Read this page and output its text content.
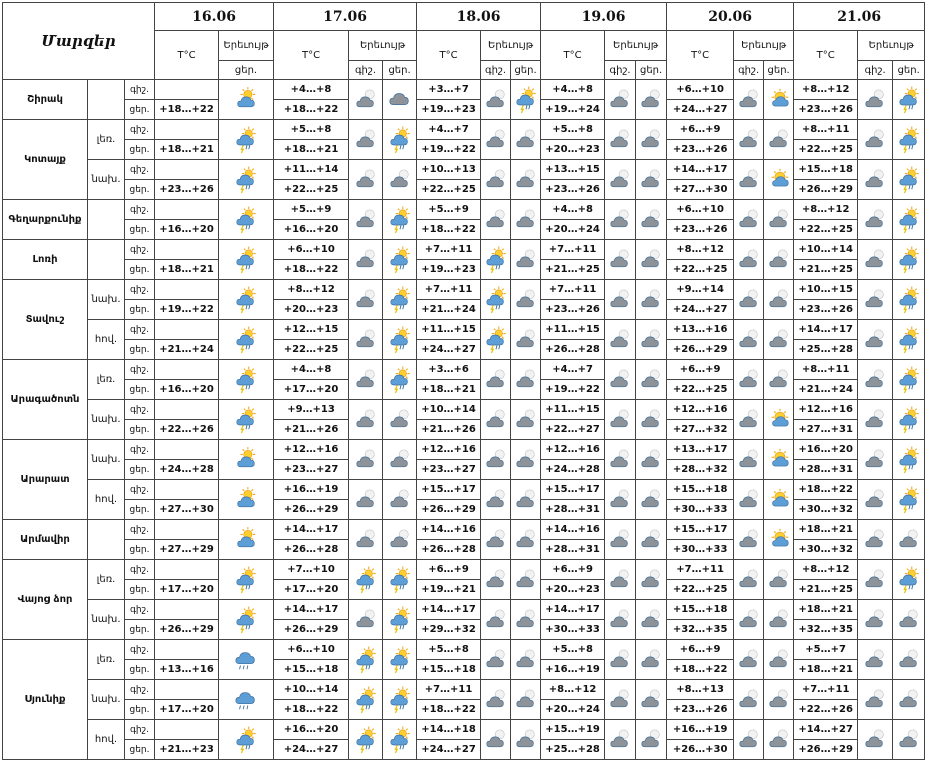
Մարզեր			16.06		17.06			18.06			19.06			20.06			21.06		
			T°C	Երեւույթ	T°C	Երեւույթ		T°C	Երեւույթ		T°C	Երեւույթ		T°C	Երեւույթ		T°C	Երեւույթ	
				ցեր.		գիշ.	ցեր.		գիշ.	ցեր.		գիշ.	ցեր.		գիշ.	ցեր.		գիշ.	ցեր.
Շիրակ		գիշ.			+4…+8			+3…+7			+4…+8			+6…+10			+8…+12		
		ցեր.	+18…+22		+18…+22			+19…+23			+19…+24			+24…+27			+23…+26		
Կոտայք	լեռ.	գիշ.			+5…+8			+4…+7			+5…+8			+6…+9			+8…+11		
		ցեր.	+18…+21		+18…+21			+19…+22			+20…+23			+23…+26			+22…+25		
	նախ.	գիշ.			+11…+14			+10…+13			+13…+15			+14…+17			+15…+18		
		ցեր.	+23…+26		+22…+25			+22…+25			+23…+26			+27…+30			+26…+29		
Գեղարքունիք		գիշ.			+5…+9			+5…+9			+4…+8			+6…+10			+8…+12		
		ցեր.	+16…+20		+16…+20			+18…+22			+20…+24			+23…+26			+22…+25		
Լոռի		գիշ.			+6…+10			+7…+11			+7…+11			+8…+12			+10…+14		
		ցեր.	+18…+21		+18…+22			+19…+23			+21…+25			+22…+25			+21…+25		
Տավուշ	նախ.	գիշ.			+8…+12			+7…+11			+7…+11			+9…+14			+10…+15		
		ցեր.	+19…+22		+20…+23			+21…+24			+23…+26			+24…+27			+23…+26		
	հով.	գիշ.			+12…+15			+11…+15			+11…+15			+13…+16			+14…+17		
		ցեր.	+21…+24		+22…+25			+24…+27			+26…+28			+26…+29			+25…+28		
Արագածոտն	լեռ.	գիշ.			+4…+8			+3…+6			+4…+7			+6…+9			+8…+11		
		ցեր.	+16…+20		+17…+20			+18…+21			+19…+22			+22…+25			+21…+24		
	նախ.	գիշ.			+9…+13			+10…+14			+11…+15			+12…+16			+12…+16		
		ցեր.	+22…+26		+21…+26			+21…+26			+22…+27			+27…+32			+27…+31		
Արարատ	նախ.	գիշ.			+12…+16			+12…+16			+12…+16			+13…+17			+16…+20		
		ցեր.	+24…+28		+23…+27			+23…+27			+24…+28			+28…+32			+28…+31		
	հով.	գիշ.			+16…+19			+15…+17			+15…+17			+15…+18			+18…+22		
		ցեր.	+27…+30		+26…+29			+26…+29			+28…+31			+30…+33			+30…+32		
Արմավիր		գիշ.			+14…+17			+14…+16			+14…+16			+15…+17			+18…+21		
		ցեր.	+27…+29		+26…+28			+26…+28			+28…+31			+30…+33			+30…+32		
Վայոց ձոր	լեռ.	գիշ.			+7…+10			+6…+9			+6…+9			+7…+11			+8…+12		
		ցեր.	+17…+20		+17…+20			+19…+21			+20…+23			+22…+25			+21…+25		
	նախ.	գիշ.			+14…+17			+14…+17			+14…+17			+15…+18			+18…+21		
		ցեր.	+26…+29		+26…+29			+29…+32			+30…+33			+32…+35			+32…+35		
Սյունիք	լեռ.	գիշ.			+6…+10			+5…+8			+5…+8			+6…+9			+5…+7		
		ցեր.	+13…+16		+15…+18			+15…+18			+16…+19			+18…+22			+18…+21		
	նախ.	գիշ.			+10…+14			+7…+11			+8…+12			+8…+13			+7…+11		
		ցեր.	+17…+20		+18…+22			+18…+22			+20…+24			+23…+26			+22…+26		
	հով.	գիշ.			+16…+20			+14…+18			+15…+19			+16…+19			+14…+27		
		ցեր.	+21…+23		+24…+27			+24…+27			+25…+28			+26…+30			+26…+29		
